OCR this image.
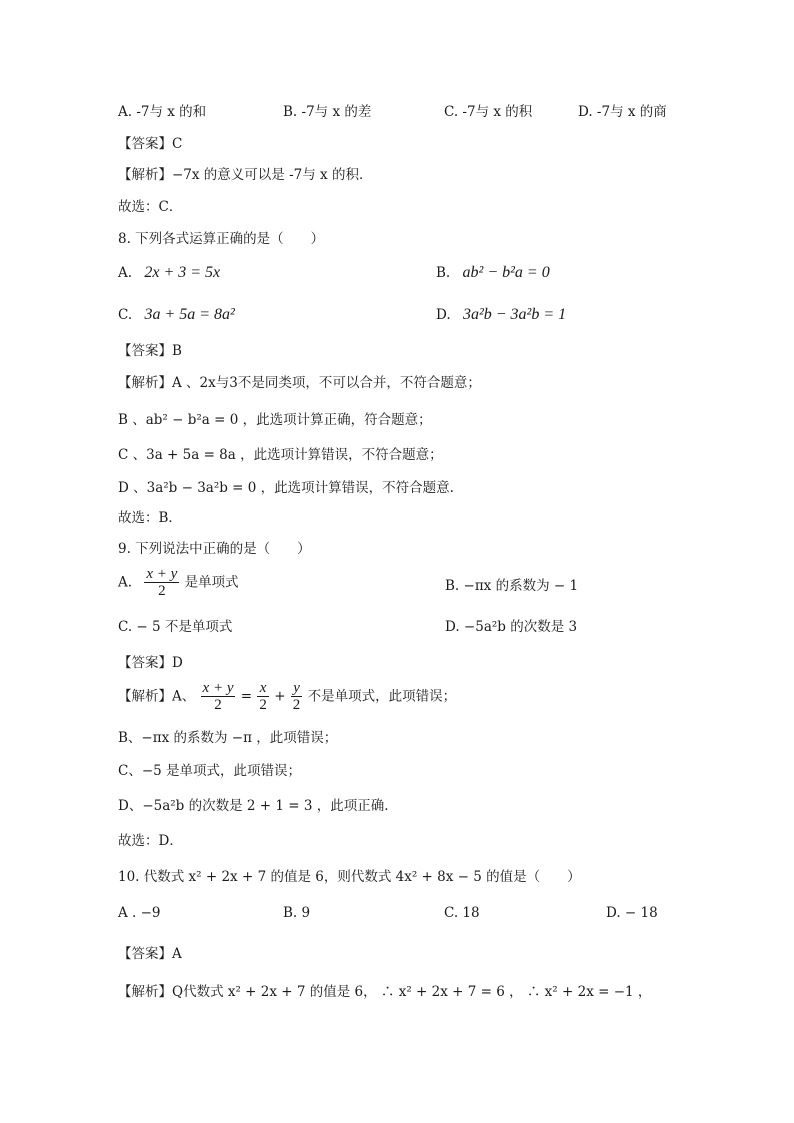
A. -7与 x 的和	B. -7与 x 的差	C. -7与 x 的积	D. -7与 x 的商
【答案】C
【解析】−7x 的意义可以是 -7与 x 的积．
故选：C．
8. 下列各式运算正确的是（　　）
A. 2x + 3 = 5x	B. ab² − b²a = 0
C. 3a + 5a = 8a²	D. 3a²b − 3a²b = 1
【答案】B
【解析】A 、2x与3不是同类项，不可以合并，不符合题意；
B 、ab² − b²a = 0 ，此选项计算正确，符合题意；
C 、3a + 5a = 8a ，此选项计算错误，不符合题意；
D 、3a²b − 3a²b = 0 ，此选项计算错误，不符合题意.
故选：B．
9. 下列说法中正确的是（　　）
A. $\frac{x + y}{2}$ 是单项式	B. −πx 的系数为 − 1
C. − 5 不是单项式	D. −5a²b 的次数是 3
【答案】D
【解析】A、 $\frac{x + y}{2} = \frac{x}{2} + \frac{y}{2}$ 不是单项式，此项错误；
B、−πx 的系数为 −π ，此项错误；
C、−5 是单项式，此项错误；
D、−5a²b 的次数是 2 + 1 = 3 ，此项正确.
故选：D．
10. 代数式 x² + 2x + 7 的值是 6，则代数式 4x² + 8x − 5 的值是（　　）
A . −9	B. 9	C. 18	D. − 18
【答案】A
【解析】Q代数式 x² + 2x + 7 的值是 6， ∴ x² + 2x + 7 = 6 ， ∴ x² + 2x = −1 ，
